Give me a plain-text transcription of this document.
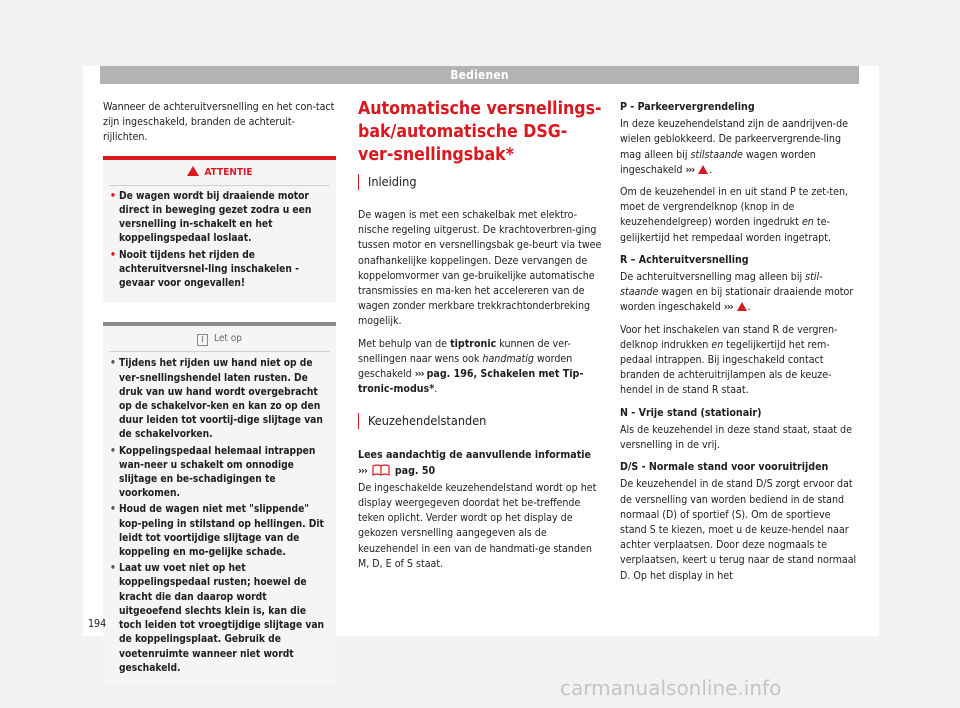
Bedienen

Wanneer de achteruitversnelling en het con-tact zijn ingeschakeld, branden de achteruit-rijlichten.

ATTENTIE
• De wagen wordt bij draaiende motor direct in beweging gezet zodra u een versnelling in-schakelt en het koppelingspedaal loslaat.
• Nooit tijdens het rijden de achteruitversnel-ling inschakelen - gevaar voor ongevallen!
i Let op
• Tijdens het rijden uw hand niet op de ver-snellingshendel laten rusten. De druk van uw hand wordt overgebracht op de schakelvor-ken en kan zo op den duur leiden tot voortij-dige slijtage van de schakelvorken.
• Koppelingspedaal helemaal intrappen wan-neer u schakelt om onnodige slijtage en be-schadigingen te voorkomen.
• Houd de wagen niet met "slippende" kop-peling in stilstand op hellingen. Dit leidt tot voortijdige slijtage van de koppeling en mo-gelijke schade.
• Laat uw voet niet op het koppelingspedaal rusten; hoewel de kracht die dan daarop wordt uitgeoefend slechts klein is, kan die toch leiden tot vroegtijdige slijtage van de koppelingsplaat. Gebruik de voetenruimte wanneer niet wordt geschakeld.
Automatische versnellings-bak/automatische DSG-ver-snellingsbak*
Inleiding

De wagen is met een schakelbak met elektro-nische regeling uitgerust. De krachtoverbren-ging tussen motor en versnellingsbak ge-beurt via twee onafhankelijke koppelingen. Deze vervangen de koppelomvormer van ge-bruikelijke automatische transmissies en ma-ken het accelereren van de wagen zonder merkbare trekkrachtonderbreking mogelijk.

Met behulp van de tiptronic kunnen de ver-snellingen naar wens ook handmatig worden geschakeld ››› pag. 196, Schakelen met Tip-tronic-modus*.

Keuzehendelstanden

Lees aandachtig de aanvullende informatie
›››	pag. 50

De ingeschakelde keuzehendelstand wordt op het display weergegeven doordat het be-treffende teken oplicht. Verder wordt op het display de gekozen versnelling aangegeven als de keuzehendel in een van de handmati-ge standen M, D, E of S staat.

P - Parkeervergrendeling

In deze keuzehendelstand zijn de aandrijven-de wielen geblokkeerd. De parkeervergrende-ling mag alleen bij stilstaande wagen worden ingeschakeld ››› .

Om de keuzehendel in en uit stand P te zet-ten, moet de vergrendelknop (knop in de keuzehendelgreep) worden ingedrukt en te-gelijkertijd het rempedaal worden ingetrapt.

R – Achteruitversnelling

De achteruitversnelling mag alleen bij stil-staande wagen en bij stationair draaiende motor worden ingeschakeld ››› .

Voor het inschakelen van stand R de vergren-delknop indrukken en tegelijkertijd het rem-pedaal intrappen. Bij ingeschakeld contact branden de achteruitrijlampen als de keuze-hendel in de stand R staat.

N - Vrije stand (stationair)

Als de keuzehendel in deze stand staat, staat de versnelling in de vrij.

D/S - Normale stand voor vooruitrijden

De keuzehendel in de stand D/S zorgt ervoor dat de versnelling van worden bediend in de stand normaal (D) of sportief (S). Om de sportieve stand S te kiezen, moet u de keuze-hendel naar achter verplaatsen. Door deze nogmaals te verplaatsen, keert u terug naar de stand normaal D. Op het display in het

194
carmanualsonline.info
